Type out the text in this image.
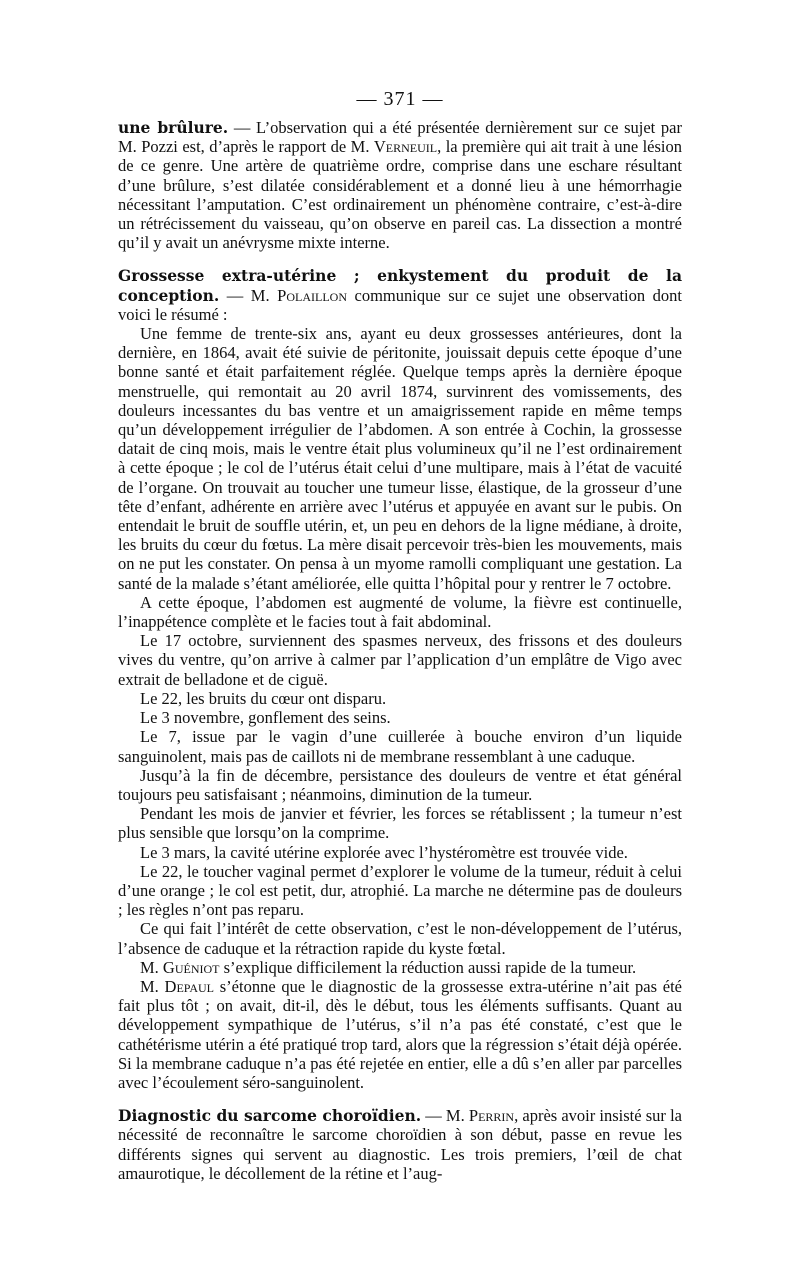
— 371 —

une brûlure. — L’observation qui a été présentée dernièrement sur ce sujet par M. Pozzi est, d’après le rapport de M. Verneuil, la première qui ait trait à une lésion de ce genre. Une artère de quatrième ordre, comprise dans une eschare résultant d’une brûlure, s’est dilatée considérablement et a donné lieu à une hémorrhagie nécessitant l’amputation. C’est ordinairement un phénomène contraire, c’est-à-dire un rétrécissement du vaisseau, qu’on observe en pareil cas. La dissection a montré qu’il y avait un anévrysme mixte interne.

Grossesse extra-utérine ; enkystement du produit de la conception. — M. Polaillon communique sur ce sujet une observation dont voici le résumé :

Une femme de trente-six ans, ayant eu deux grossesses antérieures, dont la dernière, en 1864, avait été suivie de péritonite, jouissait depuis cette époque d’une bonne santé et était parfaitement réglée. Quelque temps après la dernière époque menstruelle, qui remontait au 20 avril 1874, survinrent des vomissements, des douleurs incessantes du bas ventre et un amaigrissement rapide en même temps qu’un développement irrégulier de l’abdomen. A son entrée à Cochin, la grossesse datait de cinq mois, mais le ventre était plus volumineux qu’il ne l’est ordinairement à cette époque ; le col de l’utérus était celui d’une multipare, mais à l’état de vacuité de l’organe. On trouvait au toucher une tumeur lisse, élastique, de la grosseur d’une tête d’enfant, adhérente en arrière avec l’utérus et appuyée en avant sur le pubis. On entendait le bruit de souffle utérin, et, un peu en dehors de la ligne médiane, à droite, les bruits du cœur du fœtus. La mère disait percevoir très-bien les mouvements, mais on ne put les constater. On pensa à un myome ramolli compliquant une gestation. La santé de la malade s’étant améliorée, elle quitta l’hôpital pour y rentrer le 7 octobre.

A cette époque, l’abdomen est augmenté de volume, la fièvre est continuelle, l’inappétence complète et le facies tout à fait abdominal.

Le 17 octobre, surviennent des spasmes nerveux, des frissons et des douleurs vives du ventre, qu’on arrive à calmer par l’application d’un emplâtre de Vigo avec extrait de belladone et de ciguë.

Le 22, les bruits du cœur ont disparu.

Le 3 novembre, gonflement des seins.

Le 7, issue par le vagin d’une cuillerée à bouche environ d’un liquide sanguinolent, mais pas de caillots ni de membrane ressemblant à une caduque.

Jusqu’à la fin de décembre, persistance des douleurs de ventre et état général toujours peu satisfaisant ; néanmoins, diminution de la tumeur.

Pendant les mois de janvier et février, les forces se rétablissent ; la tumeur n’est plus sensible que lorsqu’on la comprime.

Le 3 mars, la cavité utérine explorée avec l’hystéromètre est trouvée vide.

Le 22, le toucher vaginal permet d’explorer le volume de la tumeur, réduit à celui d’une orange ; le col est petit, dur, atrophié. La marche ne détermine pas de douleurs ; les règles n’ont pas reparu.

Ce qui fait l’intérêt de cette observation, c’est le non-développement de l’utérus, l’absence de caduque et la rétraction rapide du kyste fœtal.

M. Guéniot s’explique difficilement la réduction aussi rapide de la tumeur.

M. Depaul s’étonne que le diagnostic de la grossesse extra-utérine n’ait pas été fait plus tôt ; on avait, dit-il, dès le début, tous les éléments suffisants. Quant au développement sympathique de l’utérus, s’il n’a pas été constaté, c’est que le cathétérisme utérin a été pratiqué trop tard, alors que la régression s’était déjà opérée. Si la membrane caduque n’a pas été rejetée en entier, elle a dû s’en aller par parcelles avec l’écoulement séro-sanguinolent.

Diagnostic du sarcome choroïdien. — M. Perrin, après avoir insisté sur la nécessité de reconnaître le sarcome choroïdien à son début, passe en revue les différents signes qui servent au diagnostic. Les trois premiers, l’œil de chat amaurotique, le décollement de la rétine et l’aug-
